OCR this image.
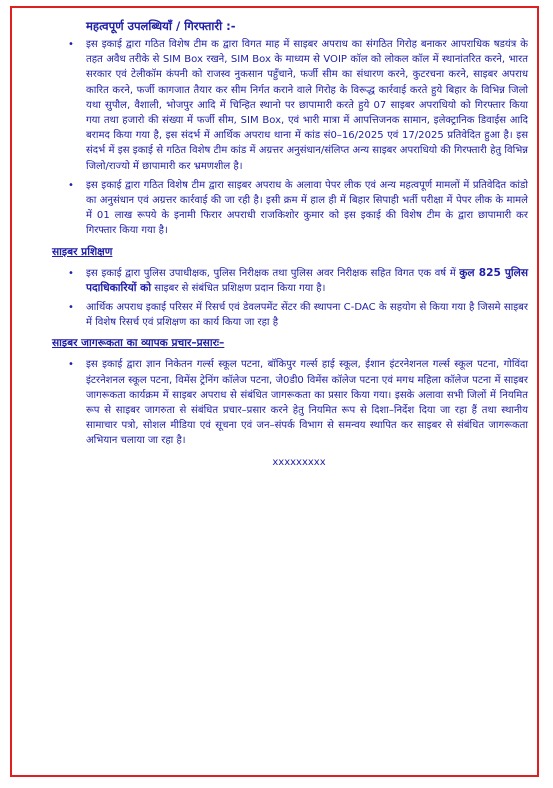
महत्वपूर्ण उपलब्धियाँ / गिरफ्तारी :-
• इस इकाई द्वारा गठित विशेष टीम क द्वारा विगत माह में साइबर अपराध का संगठित गिरोह बनाकर आपराधिक षडयंत्र के तहत अवैध तरीके से SIM Box रखने, SIM Box के माध्यम से VOIP कॉल को लोकल कॉल में स्थानांतरित करने, भारत सरकार एवं टेलीकॉम कंपनी को राजस्व नुकसान पहुँचाने, फर्जी सीम का संधारण करने, कुटरचना करने, साइबर अपराध कारित करने, फर्जी कागजात तैयार कर सीम निर्गत कराने वाले गिरोह के विरूद्ध कार्रवाई करते हुये बिहार के विभिन्न जिलो यथा सुपौल, वैशाली, भोजपुर आदि में चिन्हित स्थानो पर छापामारी करते हुये 07 साइबर अपराधियो को गिरफ्तार किया गया तथा हजारो की संख्या में फर्जी सीम, SIM Box, एवं भारी मात्रा में आपत्तिजनक सामान, इलेक्ट्रानिक डिवाईस आदि बरामद किया गया है, इस संदर्भ में आर्थिक अपराध थाना में कांड सं0–16/2025 एवं 17/2025 प्रतिवेदित हुआ है। इस संदर्भ में इस इकाई से गठित विशेष टीम कांड में अग्रत्तर अनुसंधान/संलिप्त अन्य साइबर अपराधियो की गिरफ्तारी हेतु विभिन्न जिलो/राज्यो में छापामारी कर भ्रमणशील है।
• इस इकाई द्वारा गठित विशेष टीम द्वारा साइबर अपराध के अलावा पेपर लीक एवं अन्य महत्वपूर्ण मामलों में प्रतिवेदित कांडो का अनुसंधान एवं अग्रत्तर कार्रवाई की जा रही है। इसी क्रम में हाल ही में बिहार सिपाही भर्ती परीक्षा में पेपर लीक के मामले में 01 लाख रूपये के इनामी फिरार अपराधी राजकिशोर कुमार को इस इकाई की विशेष टीम के द्वारा छापामारी कर गिरफ्तार किया गया है।
साइबर प्रशिक्षण
• इस इकाई द्वारा पुलिस उपाधीक्षक, पुलिस निरीक्षक तथा पुलिस अवर निरीक्षक सहित विगत एक वर्ष में कुल 825 पुलिस पदाधिकारियों को साइबर से संबंधित प्रशिक्षण प्रदान किया गया है।
• आर्थिक अपराध इकाई परिसर में रिसर्च एवं डेवलपमेंट सेंटर की स्थापना C-DAC के सहयोग से किया गया है जिसमे साइबर में विशेष रिसर्च एवं प्रशिक्षण का कार्य किया जा रहा है
साइबर जागरूकता का व्यापक प्रचार–प्रसारः–
• इस इकाई द्वारा ज्ञान निकेतन गर्ल्स स्कूल पटना, बॉकिपुर गर्ल्स हाई स्कूल, ईशान इंटरनेशनल गर्ल्स स्कूल पटना, गोविंदा इंटरनेशनल स्कूल पटना, विमेंस ट्रेनिंग कॉलेज पटना, जे0डी0 विमेंस कॉलेज पटना एवं मगध महिला कॉलेज पटना में साइबर जागरूकता कार्यक्रम में साइबर अपराध से संबंधित जागरूकता का प्रसार किया गया। इसके अलावा सभी जिलों में नियमित रूप से साइबर जागरुता से संबंधित प्रचार–प्रसार करने हेतु नियमित रूप से दिशा–निर्देश दिया जा रहा हैं तथा स्थानीय सामाचार पत्रो, सोशल मीडिया एवं सूचना एवं जन–संपर्क विभाग से समन्वय स्थापित कर साइबर से संबंधित जागरूकता अभियान चलाया जा रहा है।
xxxxxxxxx
